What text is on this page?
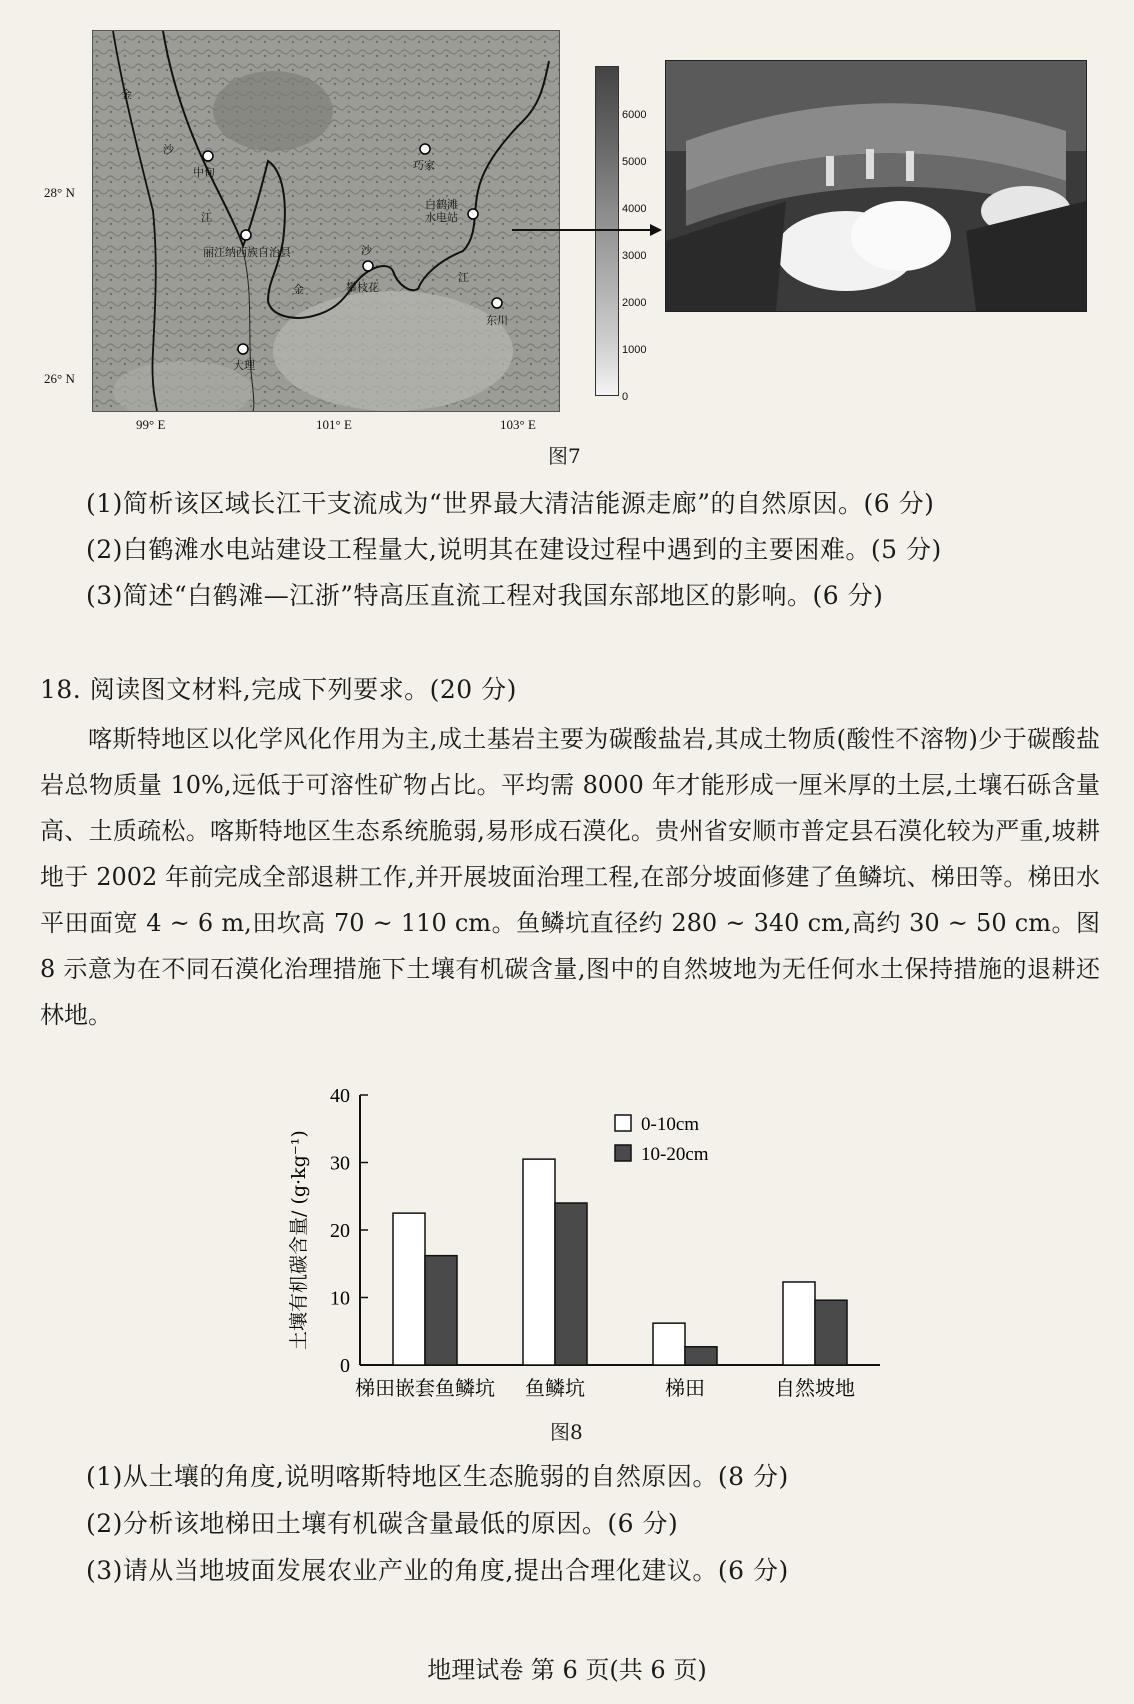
金
沙
江
中甸
巧家
白鹤滩
水电站
丽江纳西族自治县	沙
金
江
攀枝花
东川
大理
28° N
26° N
99° E	101° E	103° E
6000
5000
4000
3000
2000
1000
0
图7
(1)简析该区域长江干支流成为“世界最大清洁能源走廊”的自然原因。(6 分)
(2)白鹤滩水电站建设工程量大,说明其在建设过程中遇到的主要困难。(5 分)
(3)简述“白鹤滩—江浙”特高压直流工程对我国东部地区的影响。(6 分)
18. 阅读图文材料,完成下列要求。(20 分)

喀斯特地区以化学风化作用为主,成土基岩主要为碳酸盐岩,其成土物质(酸性不溶物)少于碳酸盐岩总物质量 10%,远低于可溶性矿物占比。平均需 8000 年才能形成一厘米厚的土层,土壤石砾含量高、土质疏松。喀斯特地区生态系统脆弱,易形成石漠化。贵州省安顺市普定县石漠化较为严重,坡耕地于 2002 年前完成全部退耕工作,并开展坡面治理工程,在部分坡面修建了鱼鳞坑、梯田等。梯田水平田面宽 4 ~ 6 m,田坎高 70 ~ 110 cm。鱼鳞坑直径约 280 ~ 340 cm,高约 30 ~ 50 cm。图 8 示意为在不同石漠化治理措施下土壤有机碳含量,图中的自然坡地为无任何水土保持措施的退耕还林地。

0
10
20
30
40
土壤有机碳含量/ (g·kg⁻¹)
梯田嵌套鱼鳞坑 鱼鳞坑	梯田	自然坡地
0-10cm
10-20cm
图8
(1)从土壤的角度,说明喀斯特地区生态脆弱的自然原因。(8 分)
(2)分析该地梯田土壤有机碳含量最低的原因。(6 分)
(3)请从当地坡面发展农业产业的角度,提出合理化建议。(6 分)
地理试卷 第 6 页(共 6 页)
